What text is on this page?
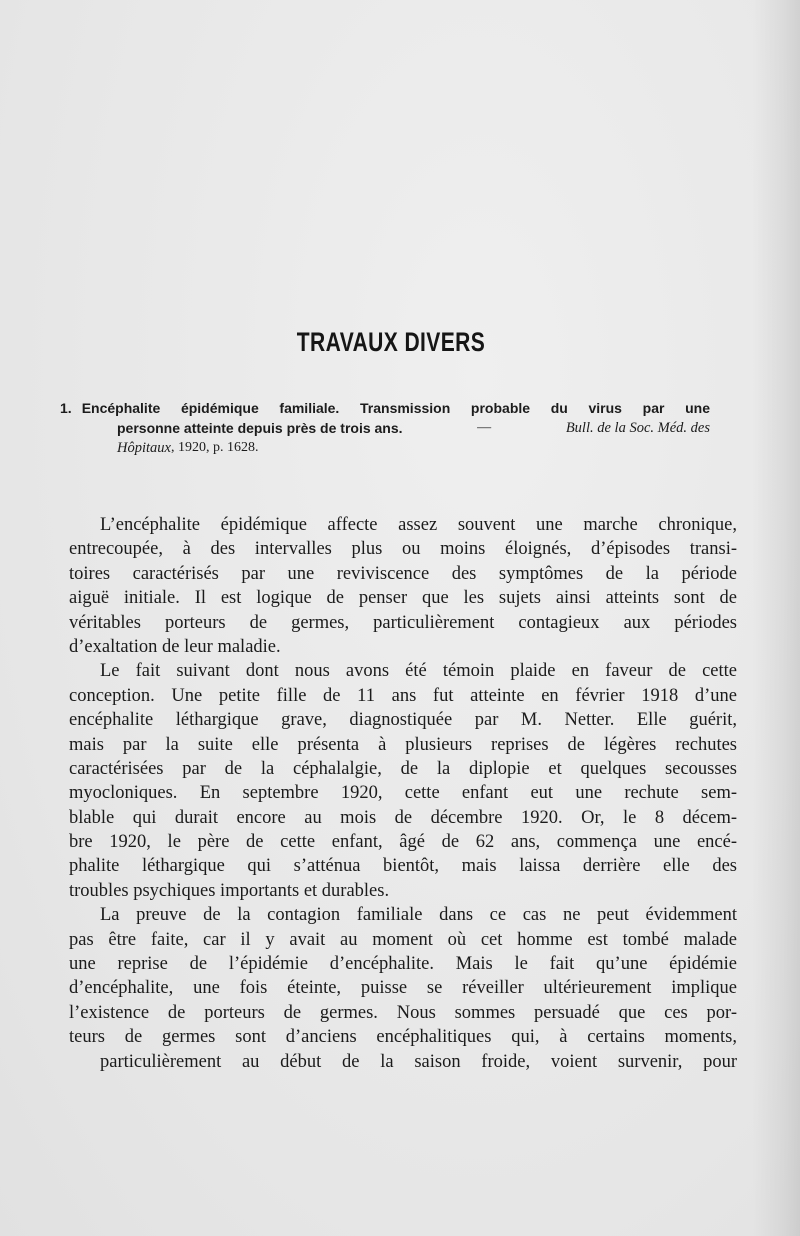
TRAVAUX DIVERS
1. Encéphalite épidémique familiale. Transmission probable du virus par une
personne atteinte depuis près de trois ans.	—	Bull. de la Soc. Méd. des
Hôpitaux , 1920, p. 1628.
L’encéphalite épidémique affecte assez souvent une marche chronique,
entrecoupée, à des intervalles plus ou moins éloignés, d’épisodes transi-
toires caractérisés par une reviviscence des symptômes de la période
aiguë initiale. Il est logique de penser que les sujets ainsi atteints sont de
véritables porteurs de germes, particulièrement contagieux aux périodes
d’exaltation de leur maladie.
Le fait suivant dont nous avons été témoin plaide en faveur de cette
conception. Une petite fille de 11 ans fut atteinte en février 1918 d’une
encéphalite léthargique grave, diagnostiquée par M. Netter. Elle guérit,
mais par la suite elle présenta à plusieurs reprises de légères rechutes
caractérisées par de la céphalalgie, de la diplopie et quelques secousses
myocloniques. En septembre 1920, cette enfant eut une rechute sem-
blable qui durait encore au mois de décembre 1920. Or, le 8 décem-
bre 1920, le père de cette enfant, âgé de 62 ans, commença une encé-
phalite léthargique qui s’atténua bientôt, mais laissa derrière elle des
troubles psychiques importants et durables.
La preuve de la contagion familiale dans ce cas ne peut évidemment
pas être faite, car il y avait au moment où cet homme est tombé malade
une reprise de l’épidémie d’encéphalite. Mais le fait qu’une épidémie
d’encéphalite, une fois éteinte, puisse se réveiller ultérieurement implique
l’existence de porteurs de germes. Nous sommes persuadé que ces por-
teurs de germes sont d’anciens encéphalitiques qui, à certains moments,
particulièrement au début de la saison froide, voient survenir, pour
